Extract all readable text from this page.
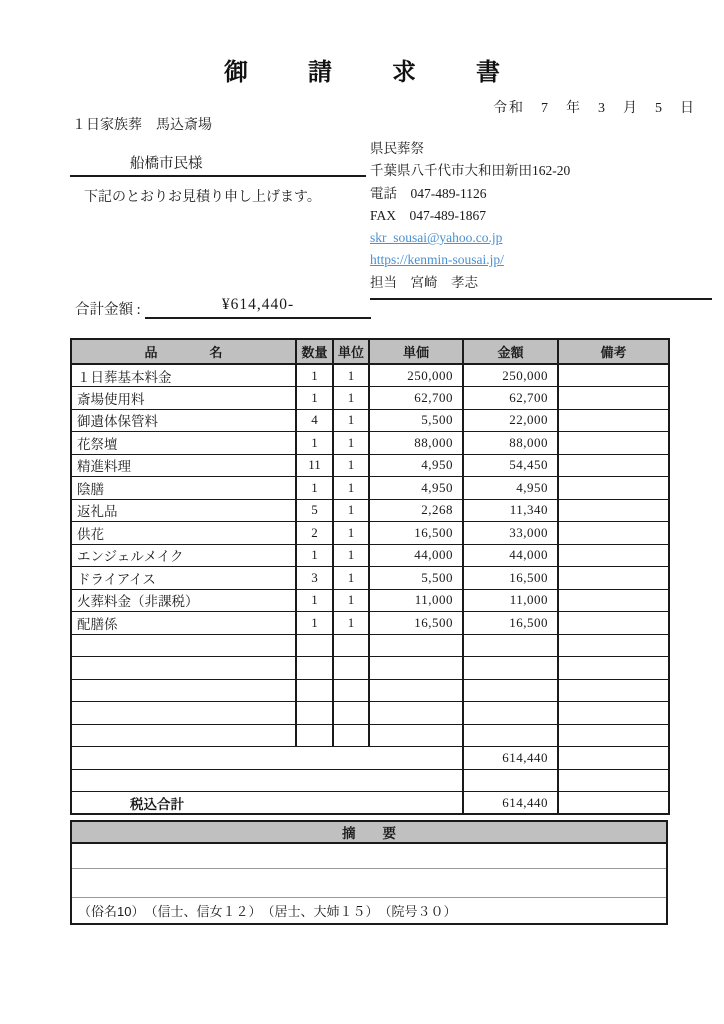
御　請　求　書
令和　7　年　3　月　5　日
１日家族葬　馬込斎場
船橋市民様
下記のとおりお見積り申し上げます。
県民葬祭
千葉県八千代市大和田新田162-20
電話　047-489-1126
FAX　047-489-1867
skr_sousai@yahoo.co.jp
https://kenmin-sousai.jp/
担当　宮崎　孝志
合計金額 :	¥614,440-
品　　　　名	数量	単位	単価	金額	備考
１日葬基本料金	1	1	250,000	250,000	
斎場使用料	1	1	62,700	62,700	
御遺体保管料	4	1	5,500	22,000	
花祭壇	1	1	88,000	88,000	
精進料理	11	1	4,950	54,450	
陰膳	1	1	4,950	4,950	
返礼品	5	1	2,268	11,340	
供花	2	1	16,500	33,000	
エンジェルメイク	1	1	44,000	44,000	
ドライアイス	3	1	5,500	16,500	
火葬料金（非課税）	1	1	11,000	11,000	
配膳係	1	1	16,500	16,500	

				614,440	

税込合計				614,440	
摘　　要

（俗名10）　（信士、信女１２）　（居士、大姉１５）　（院号３０）
